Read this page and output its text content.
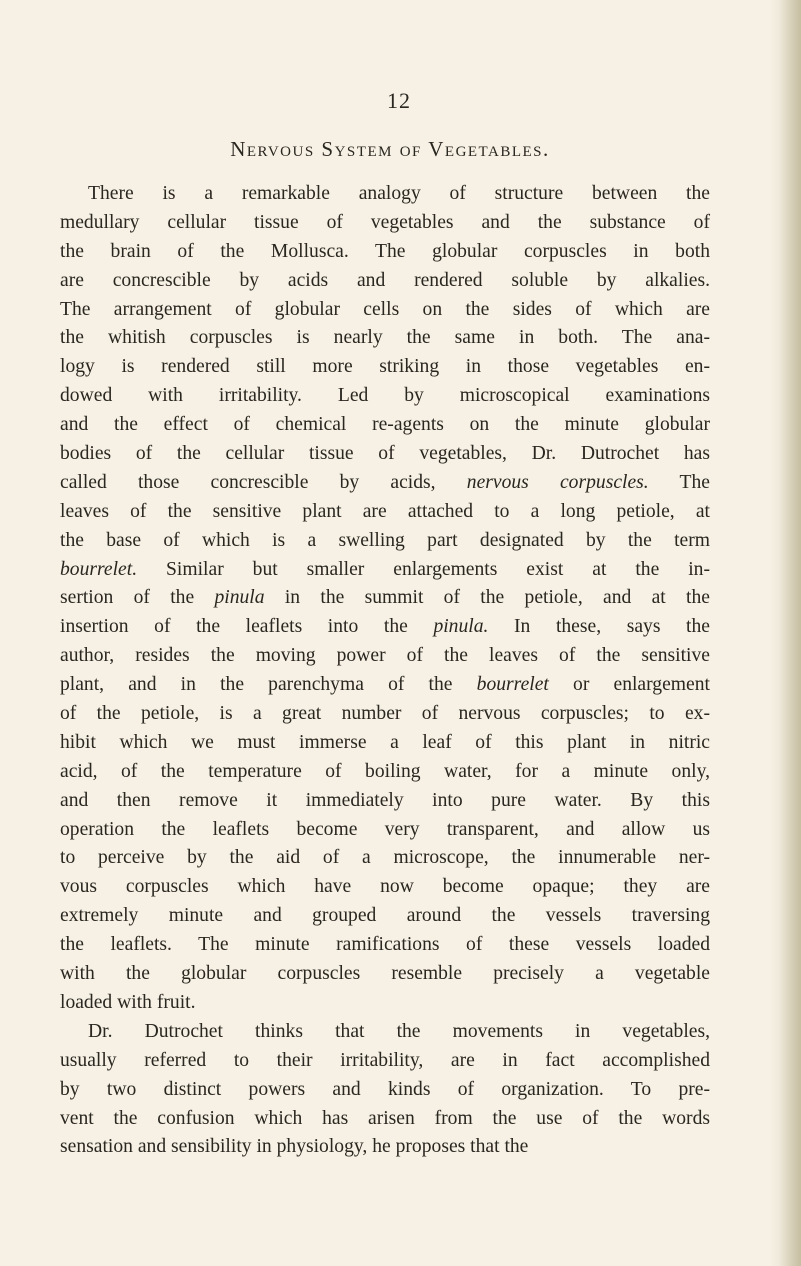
12
Nervous System of Vegetables.
There is a remarkable analogy of structure between the
medullary cellular tissue of vegetables and the substance of
the brain of the Mollusca. The globular corpuscles in both
are concrescible by acids and rendered soluble by alkalies.
The arrangement of globular cells on the sides of which are
the whitish corpuscles is nearly the same in both. The ana-
logy is rendered still more striking in those vegetables en-
dowed with irritability. Led by microscopical examinations
and the effect of chemical re-agents on the minute globular
bodies of the cellular tissue of vegetables, Dr. Dutrochet has
called those concrescible by acids, nervous corpuscles. The
leaves of the sensitive plant are attached to a long petiole, at
the base of which is a swelling part designated by the term
bourrelet. Similar but smaller enlargements exist at the in-
sertion of the pinula in the summit of the petiole, and at the
insertion of the leaflets into the pinula. In these, says the
author, resides the moving power of the leaves of the sensitive
plant, and in the parenchyma of the bourrelet or enlargement
of the petiole, is a great number of nervous corpuscles; to ex-
hibit which we must immerse a leaf of this plant in nitric
acid, of the temperature of boiling water, for a minute only,
and then remove it immediately into pure water. By this
operation the leaflets become very transparent, and allow us
to perceive by the aid of a microscope, the innumerable ner-
vous corpuscles which have now become opaque; they are
extremely minute and grouped around the vessels traversing
the leaflets. The minute ramifications of these vessels loaded
with the globular corpuscles resemble precisely a vegetable
loaded with fruit.
Dr. Dutrochet thinks that the movements in vegetables,
usually referred to their irritability, are in fact accomplished
by two distinct powers and kinds of organization. To pre-
vent the confusion which has arisen from the use of the words
sensation and sensibility in physiology, he proposes that the
